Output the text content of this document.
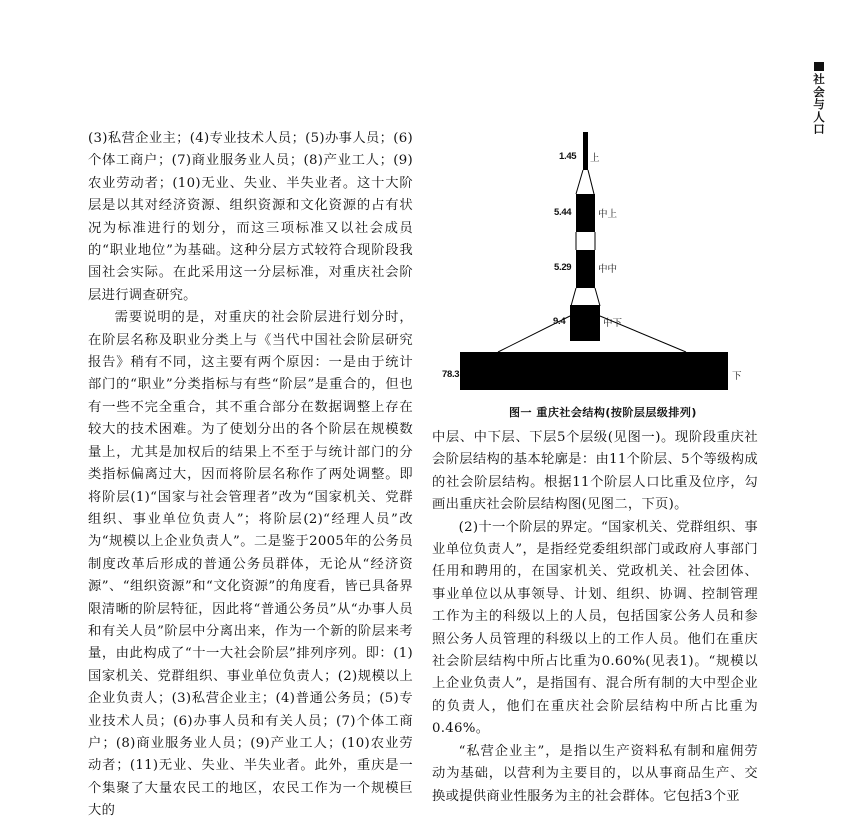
社
会
与
人
口

(3)私营企业主；(4)专业技术人员；(5)办事人员；(6)个体工商户；(7)商业服务业人员；(8)产业工人；(9)农业劳动者；(10)无业、失业、半失业者。这十大阶层是以其对经济资源、组织资源和文化资源的占有状况为标准进行的划分，而这三项标准又以社会成员的“职业地位”为基础。这种分层方式较符合现阶段我国社会实际。在此采用这一分层标准，对重庆社会阶层进行调查研究。

需要说明的是，对重庆的社会阶层进行划分时，在阶层名称及职业分类上与《当代中国社会阶层研究报告》稍有不同，这主要有两个原因：一是由于统计部门的“职业”分类指标与有些“阶层”是重合的，但也有一些不完全重合，其不重合部分在数据调整上存在较大的技术困难。为了使划分出的各个阶层在规模数量上，尤其是加权后的结果上不至于与统计部门的分类指标偏离过大，因而将阶层名称作了两处调整。即将阶层(1)“国家与社会管理者”改为“国家机关、党群组织、事业单位负责人”；将阶层(2)“经理人员”改为“规模以上企业负责人”。二是鉴于2005年的公务员制度改革后形成的普通公务员群体，无论从“经济资源”、“组织资源”和“文化资源”的角度看，皆已具备界限清晰的阶层特征，因此将“普通公务员”从“办事人员和有关人员”阶层中分离出来，作为一个新的阶层来考量，由此构成了“十一大社会阶层”排列序列。即：(1)国家机关、党群组织、事业单位负责人；(2)规模以上企业负责人；(3)私营企业主；(4)普通公务员；(5)专业技术人员；(6)办事人员和有关人员；(7)个体工商户；(8)商业服务业人员；(9)产业工人；(10)农业劳动者；(11)无业、失业、半失业者。此外，重庆是一个集聚了大量农民工的地区，农民工作为一个规模巨大的

1.45 上
5.44	中上
5.29	中中
9.4	中下
78.3	下
图一 重庆社会结构(按阶层层级排列)

中层、中下层、下层5个层级(见图一)。现阶段重庆社会阶层结构的基本轮廓是：由11个阶层、5个等级构成的社会阶层结构。根据11个阶层人口比重及位序，勾画出重庆社会阶层结构图(见图二，下页)。

(2)十一个阶层的界定。“国家机关、党群组织、事业单位负责人”，是指经党委组织部门或政府人事部门任用和聘用的，在国家机关、党政机关、社会团体、事业单位以从事领导、计划、组织、协调、控制管理工作为主的科级以上的人员，包括国家公务人员和参照公务人员管理的科级以上的工作人员。他们在重庆社会阶层结构中所占比重为0.60%(见表1)。“规模以上企业负责人”，是指国有、混合所有制的大中型企业的负责人，他们在重庆社会阶层结构中所占比重为0.46%。

“私营企业主”，是指以生产资料私有制和雇佣劳动为基础，以营利为主要目的，以从事商品生产、交换或提供商业性服务为主的社会群体。它包括3个亚
